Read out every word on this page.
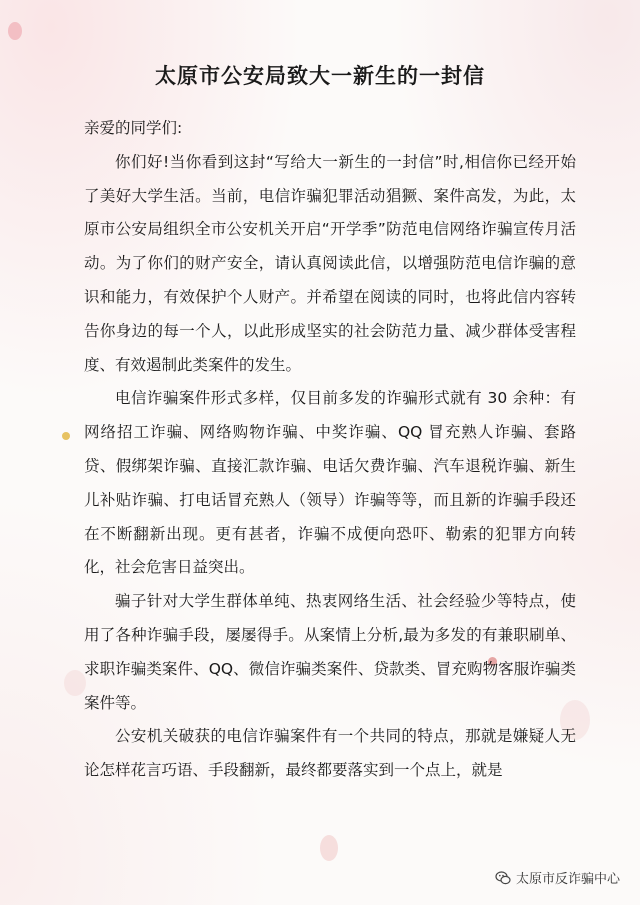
太原市公安局致大一新生的一封信

亲爱的同学们:

你们好!当你看到这封“写给大一新生的一封信”时,相信你已经开始了美好大学生活。当前，电信诈骗犯罪活动猖獗、案件高发，为此，太原市公安局组织全市公安机关开启“开学季”防范电信网络诈骗宣传月活动。为了你们的财产安全，请认真阅读此信，以增强防范电信诈骗的意识和能力，有效保护个人财产。并希望在阅读的同时，也将此信内容转告你身边的每一个人，以此形成坚实的社会防范力量、减少群体受害程度、有效遏制此类案件的发生。

电信诈骗案件形式多样，仅目前多发的诈骗形式就有 30 余种：有网络招工诈骗、网络购物诈骗、中奖诈骗、QQ 冒充熟人诈骗、套路贷、假绑架诈骗、直接汇款诈骗、电话欠费诈骗、汽车退税诈骗、新生儿补贴诈骗、打电话冒充熟人（领导）诈骗等等，而且新的诈骗手段还在不断翻新出现。更有甚者，诈骗不成便向恐吓、勒索的犯罪方向转化，社会危害日益突出。

骗子针对大学生群体单纯、热衷网络生活、社会经验少等特点，使用了各种诈骗手段，屡屡得手。从案情上分析,最为多发的有兼职刷单、求职诈骗类案件、QQ、微信诈骗类案件、贷款类、冒充购物客服诈骗类案件等。

公安机关破获的电信诈骗案件有一个共同的特点，那就是嫌疑人无论怎样花言巧语、手段翻新，最终都要落实到一个点上，就是

太原市反诈骗中心
